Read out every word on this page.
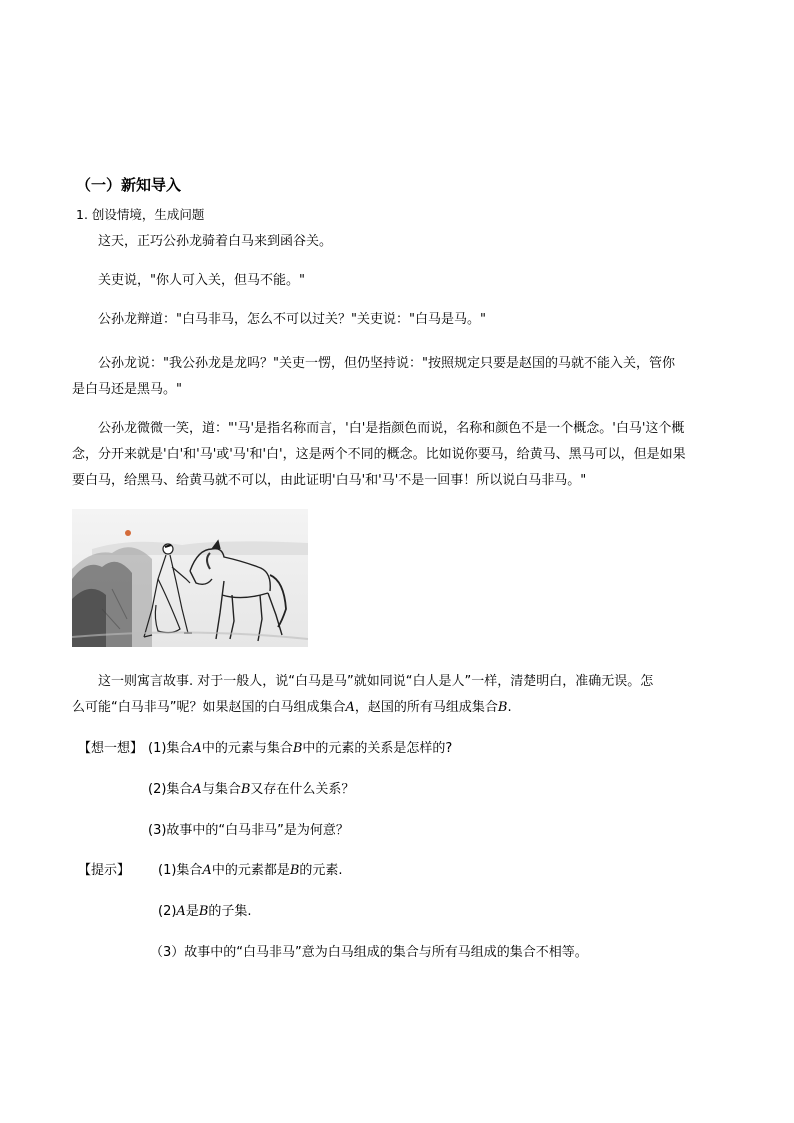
（一）新知导入
1. 创设情境，生成问题
这天，正巧公孙龙骑着白马来到函谷关。
关吏说，"你人可入关，但马不能。"
公孙龙辩道："白马非马，怎么不可以过关？"关吏说："白马是马。"
公孙龙说："我公孙龙是龙吗？"关吏一愣，但仍坚持说："按照规定只要是赵国的马就不能入关，管你
是白马还是黑马。"
公孙龙微微一笑，道："'马'是指名称而言，'白'是指颜色而说，名称和颜色不是一个概念。'白马'这个概
念，分开来就是'白'和'马'或'马'和'白'，这是两个不同的概念。比如说你要马，给黄马、黑马可以，但是如果
要白马，给黑马、给黄马就不可以，由此证明'白马'和'马'不是一回事！所以说白马非马。"
这一则寓言故事. 对于一般人，说“白马是马”就如同说“白人是人”一样，清楚明白，准确无误。怎
么可能“白马非马”呢？如果赵国的白马组成集合A，赵国的所有马组成集合B.
【想一想】 (1)集合A中的元素与集合B中的元素的关系是怎样的?
(2)集合A与集合B又存在什么关系？
(3)故事中的“白马非马”是为何意？
【提示】 (1)集合A中的元素都是B的元素.
(2)A是B的子集.
（3）故事中的“白马非马”意为白马组成的集合与所有马组成的集合不相等。
